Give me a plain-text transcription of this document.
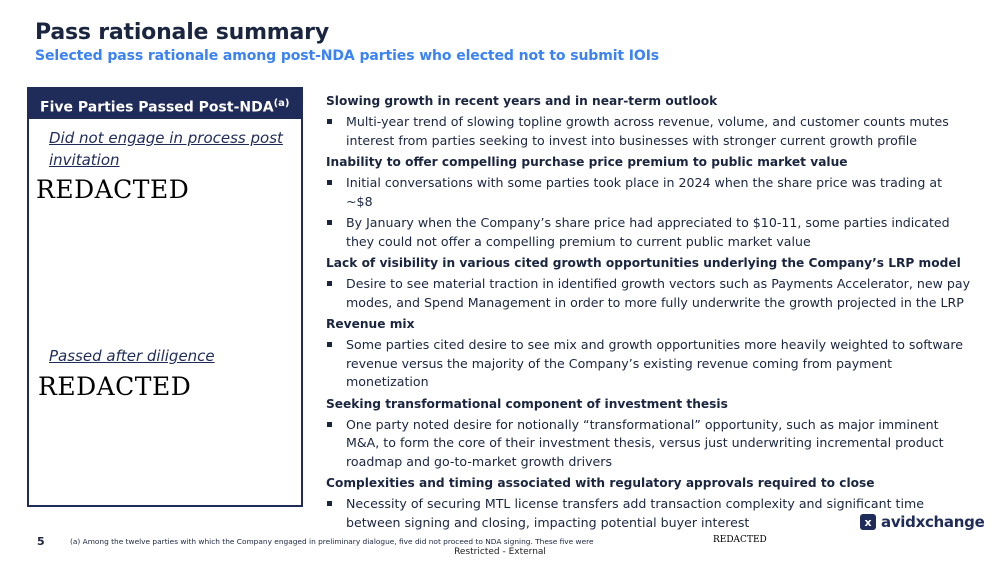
Pass rationale summary
Selected pass rationale among post-NDA parties who elected not to submit IOIs
Five Parties Passed Post-NDA$^{(a)}$
Did not engage in process post invitation
REDACTED
Passed after diligence
REDACTED
Slowing growth in recent years and in near-term outlook
Multi-year trend of slowing topline growth across revenue, volume, and customer counts mutes interest from parties seeking to invest into businesses with stronger current growth profile
Inability to offer compelling purchase price premium to public market value
Initial conversations with some parties took place in 2024 when the share price was trading at ~$8
By January when the Company’s share price had appreciated to $10-11, some parties indicated they could not offer a compelling premium to current public market value
Lack of visibility in various cited growth opportunities underlying the Company’s LRP model
Desire to see material traction in identified growth vectors such as Payments Accelerator, new pay modes, and Spend Management in order to more fully underwrite the growth projected in the LRP
Revenue mix
Some parties cited desire to see mix and growth opportunities more heavily weighted to software revenue versus the majority of the Company’s existing revenue coming from payment monetization
Seeking transformational component of investment thesis
One party noted desire for notionally “transformational” opportunity, such as major imminent M&A, to form the core of their investment thesis, versus just underwriting incremental product roadmap and go-to-market growth drivers
Complexities and timing associated with regulatory approvals required to close
Necessity of securing MTL license transfers add transaction complexity and significant time between signing and closing, impacting potential buyer interest
5	(a) Among the twelve parties with which the Company engaged in preliminary dialogue, five did not proceed to NDA signing. These five were	REDACTED
Restricted - External
x avidxchange
